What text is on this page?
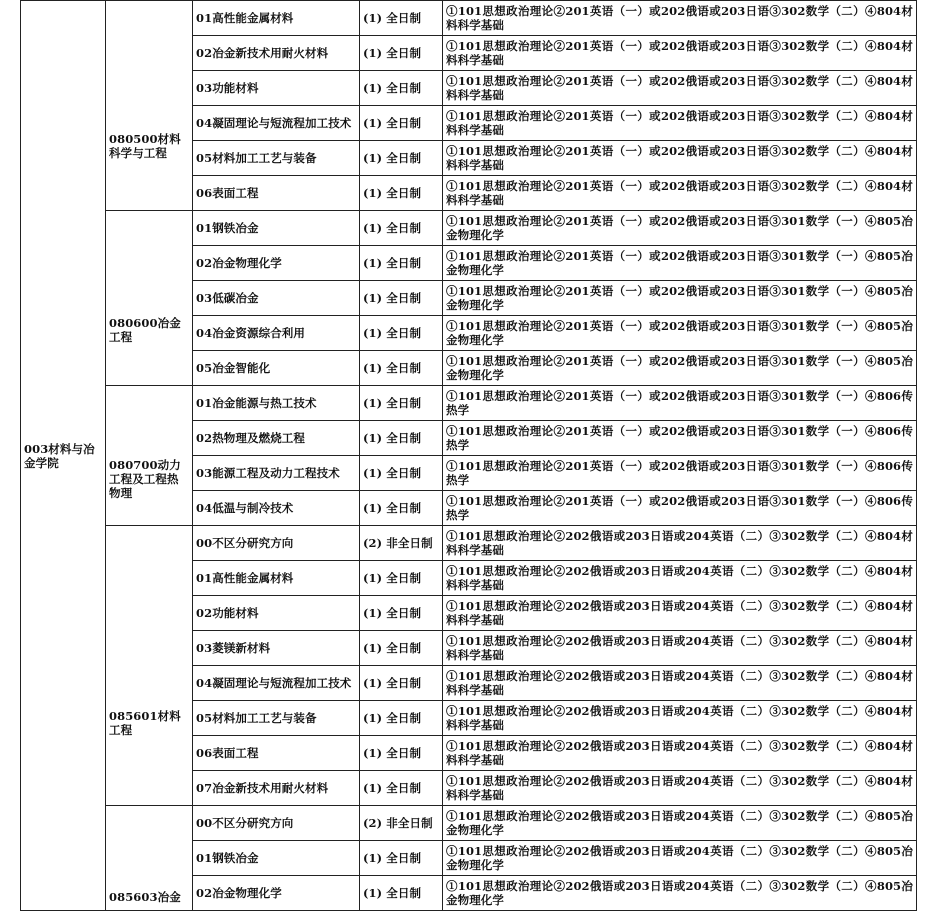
003材料与冶金学院	080500材料科学与工程	01高性能金属材料	(1) 全日制	①101思想政治理论②201英语（一）或202俄语或203日语③302数学（二）④804材料科学基础
		02冶金新技术用耐火材料	(1) 全日制	①101思想政治理论②201英语（一）或202俄语或203日语③302数学（二）④804材料科学基础
		03功能材料	(1) 全日制	①101思想政治理论②201英语（一）或202俄语或203日语③302数学（二）④804材料科学基础
		04凝固理论与短流程加工技术	(1) 全日制	①101思想政治理论②201英语（一）或202俄语或203日语③302数学（二）④804材料科学基础
		05材料加工工艺与装备	(1) 全日制	①101思想政治理论②201英语（一）或202俄语或203日语③302数学（二）④804材料科学基础
		06表面工程	(1) 全日制	①101思想政治理论②201英语（一）或202俄语或203日语③302数学（二）④804材料科学基础

	080600冶金工程	01钢铁冶金	(1) 全日制	①101思想政治理论②201英语（一）或202俄语或203日语③301数学（一）④805冶金物理化学
		02冶金物理化学	(1) 全日制	①101思想政治理论②201英语（一）或202俄语或203日语③301数学（一）④805冶金物理化学
		03低碳冶金	(1) 全日制	①101思想政治理论②201英语（一）或202俄语或203日语③301数学（一）④805冶金物理化学
		04冶金资源综合利用	(1) 全日制	①101思想政治理论②201英语（一）或202俄语或203日语③301数学（一）④805冶金物理化学
		05冶金智能化	(1) 全日制	①101思想政治理论②201英语（一）或202俄语或203日语③301数学（一）④805冶金物理化学

	080700动力工程及工程热物理	01冶金能源与热工技术	(1) 全日制	①101思想政治理论②201英语（一）或202俄语或203日语③301数学（一）④806传热学
		02热物理及燃烧工程	(1) 全日制	①101思想政治理论②201英语（一）或202俄语或203日语③301数学（一）④806传热学
		03能源工程及动力工程技术	(1) 全日制	①101思想政治理论②201英语（一）或202俄语或203日语③301数学（一）④806传热学
		04低温与制冷技术	(1) 全日制	①101思想政治理论②201英语（一）或202俄语或203日语③301数学（一）④806传热学

	085601材料工程	00不区分研究方向	(2) 非全日制	①101思想政治理论②202俄语或203日语或204英语（二）③302数学（二）④804材料科学基础
		01高性能金属材料	(1) 全日制	①101思想政治理论②202俄语或203日语或204英语（二）③302数学（二）④804材料科学基础
		02功能材料	(1) 全日制	①101思想政治理论②202俄语或203日语或204英语（二）③302数学（二）④804材料科学基础
		03菱镁新材料	(1) 全日制	①101思想政治理论②202俄语或203日语或204英语（二）③302数学（二）④804材料科学基础
		04凝固理论与短流程加工技术	(1) 全日制	①101思想政治理论②202俄语或203日语或204英语（二）③302数学（二）④804材料科学基础
		05材料加工工艺与装备	(1) 全日制	①101思想政治理论②202俄语或203日语或204英语（二）③302数学（二）④804材料科学基础
		06表面工程	(1) 全日制	①101思想政治理论②202俄语或203日语或204英语（二）③302数学（二）④804材料科学基础
		07冶金新技术用耐火材料	(1) 全日制	①101思想政治理论②202俄语或203日语或204英语（二）③302数学（二）④804材料科学基础

	085603冶金	00不区分研究方向	(2) 非全日制	①101思想政治理论②202俄语或203日语或204英语（二）③302数学（二）④805冶金物理化学
		01钢铁冶金	(1) 全日制	①101思想政治理论②202俄语或203日语或204英语（二）③302数学（二）④805冶金物理化学
		02冶金物理化学	(1) 全日制	①101思想政治理论②202俄语或203日语或204英语（二）③302数学（二）④805冶金物理化学
